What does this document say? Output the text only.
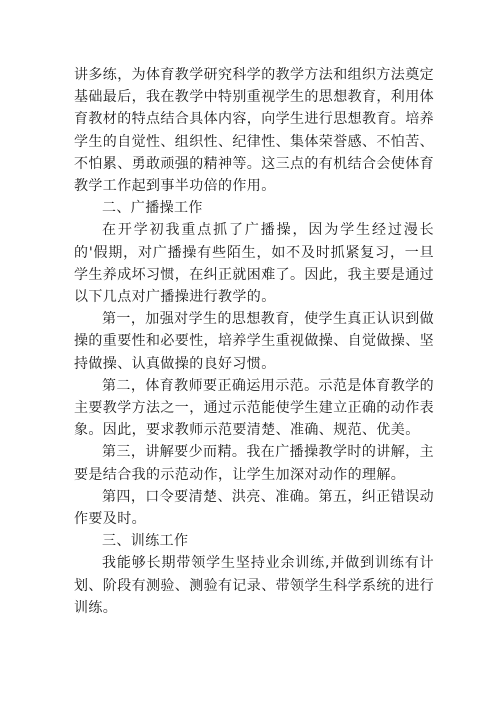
讲多练，为体育教学研究科学的教学方法和组织方法奠定基础最后，我在教学中特别重视学生的思想教育，利用体育教材的特点结合具体内容，向学生进行思想教育。培养学生的自觉性、组织性、纪律性、集体荣誉感、不怕苦、不怕累、勇敢顽强的精神等。这三点的有机结合会使体育教学工作起到事半功倍的作用。

二、广播操工作

在开学初我重点抓了广播操，因为学生经过漫长的'假期，对广播操有些陌生，如不及时抓紧复习，一旦学生养成坏习惯，在纠正就困难了。因此，我主要是通过以下几点对广播操进行教学的。

第一，加强对学生的思想教育，使学生真正认识到做操的重要性和必要性，培养学生重视做操、自觉做操、坚持做操、认真做操的良好习惯。

第二，体育教师要正确运用示范。示范是体育教学的主要教学方法之一，通过示范能使学生建立正确的动作表象。因此，要求教师示范要清楚、准确、规范、优美。

第三，讲解要少而精。我在广播操教学时的讲解，主要是结合我的示范动作，让学生加深对动作的理解。

第四，口令要清楚、洪亮、准确。第五，纠正错误动作要及时。

三、训练工作

我能够长期带领学生坚持业余训练,并做到训练有计划、阶段有测验、测验有记录、带领学生科学系统的进行训练。
